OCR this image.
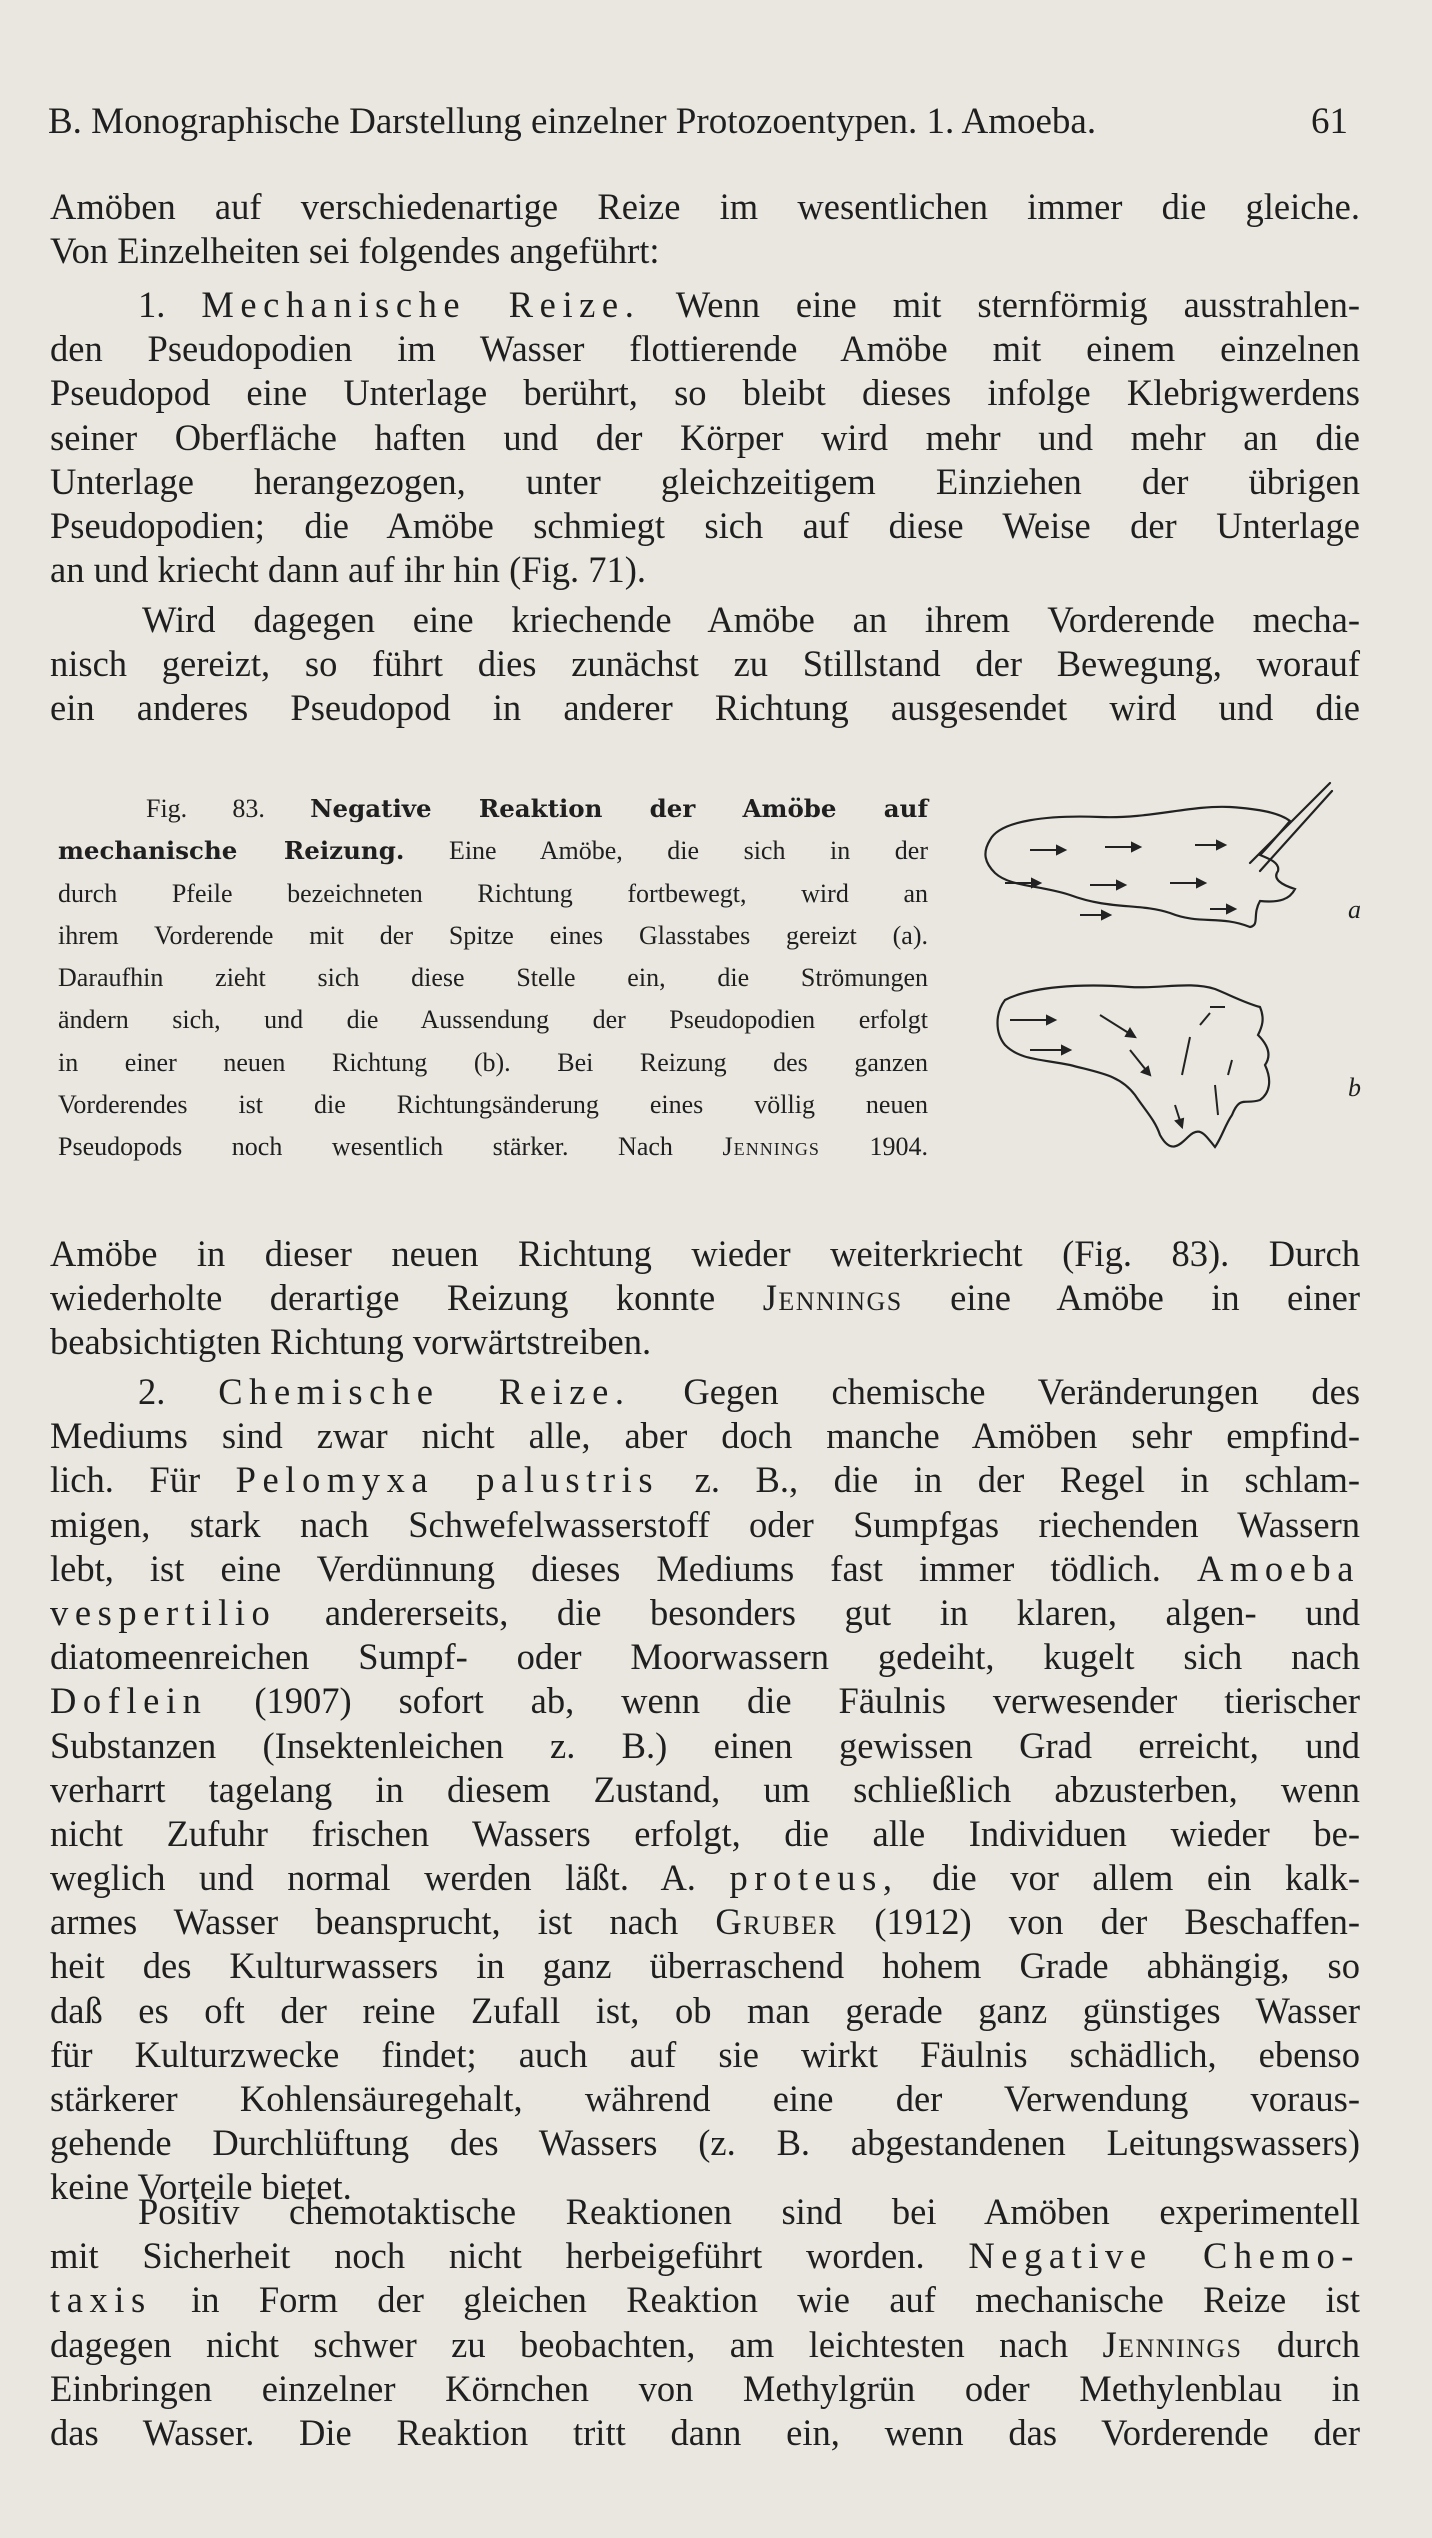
B. Monographische Darstellung einzelner Protozoentypen. 1. Amoeba.	61
Amöben auf verschiedenartige Reize im wesentlichen immer die gleiche.
Von Einzelheiten sei folgendes angeführt:
1. Mechanische Reize. Wenn eine mit sternförmig ausstrahlen-
den Pseudopodien im Wasser flottierende Amöbe mit einem einzelnen
Pseudopod eine Unterlage berührt, so bleibt dieses infolge Klebrigwerdens
seiner Oberfläche haften und der Körper wird mehr und mehr an die
Unterlage herangezogen, unter gleichzeitigem Einziehen der übrigen
Pseudopodien; die Amöbe schmiegt sich auf diese Weise der Unterlage
an und kriecht dann auf ihr hin (Fig. 71).
Wird dagegen eine kriechende Amöbe an ihrem Vorderende mecha-
nisch gereizt, so führt dies zunächst zu Stillstand der Bewegung, worauf
ein anderes Pseudopod in anderer Richtung ausgesendet wird und die
Fig. 83. Negative Reaktion der Amöbe auf
mechanische Reizung. Eine Amöbe, die sich in der
durch Pfeile bezeichneten Richtung fortbewegt, wird an
ihrem Vorderende mit der Spitze eines Glasstabes gereizt (a).
Daraufhin zieht sich diese Stelle ein, die Strömungen
ändern sich, und die Aussendung der Pseudopodien erfolgt
in einer neuen Richtung (b). Bei Reizung des ganzen
Vorderendes ist die Richtungsänderung eines völlig neuen
Pseudopods noch wesentlich stärker. Nach Jennings 1904.
a
b
Amöbe in dieser neuen Richtung wieder weiterkriecht (Fig. 83). Durch
wiederholte derartige Reizung konnte Jennings eine Amöbe in einer
beabsichtigten Richtung vorwärtstreiben.
2. Chemische Reize. Gegen chemische Veränderungen des
Mediums sind zwar nicht alle, aber doch manche Amöben sehr empfind-
lich. Für Pelomyxa palustris z. B., die in der Regel in schlam-
migen, stark nach Schwefelwasserstoff oder Sumpfgas riechenden Wassern
lebt, ist eine Verdünnung dieses Mediums fast immer tödlich. Amoeba
vespertilio andererseits, die besonders gut in klaren, algen- und
diatomeenreichen Sumpf- oder Moorwassern gedeiht, kugelt sich nach
Doflein (1907) sofort ab, wenn die Fäulnis verwesender tierischer
Substanzen (Insektenleichen z. B.) einen gewissen Grad erreicht, und
verharrt tagelang in diesem Zustand, um schließlich abzusterben, wenn
nicht Zufuhr frischen Wassers erfolgt, die alle Individuen wieder be-
weglich und normal werden läßt. A. proteus, die vor allem ein kalk-
armes Wasser beansprucht, ist nach Gruber (1912) von der Beschaffen-
heit des Kulturwassers in ganz überraschend hohem Grade abhängig, so
daß es oft der reine Zufall ist, ob man gerade ganz günstiges Wasser
für Kulturzwecke findet; auch auf sie wirkt Fäulnis schädlich, ebenso
stärkerer Kohlensäuregehalt, während eine der Verwendung voraus-
gehende Durchlüftung des Wassers (z. B. abgestandenen Leitungswassers)
keine Vorteile bietet.
Positiv chemotaktische Reaktionen sind bei Amöben experimentell
mit Sicherheit noch nicht herbeigeführt worden. Negative Chemo-
taxis in Form der gleichen Reaktion wie auf mechanische Reize ist
dagegen nicht schwer zu beobachten, am leichtesten nach Jennings durch
Einbringen einzelner Körnchen von Methylgrün oder Methylenblau in
das Wasser. Die Reaktion tritt dann ein, wenn das Vorderende der
